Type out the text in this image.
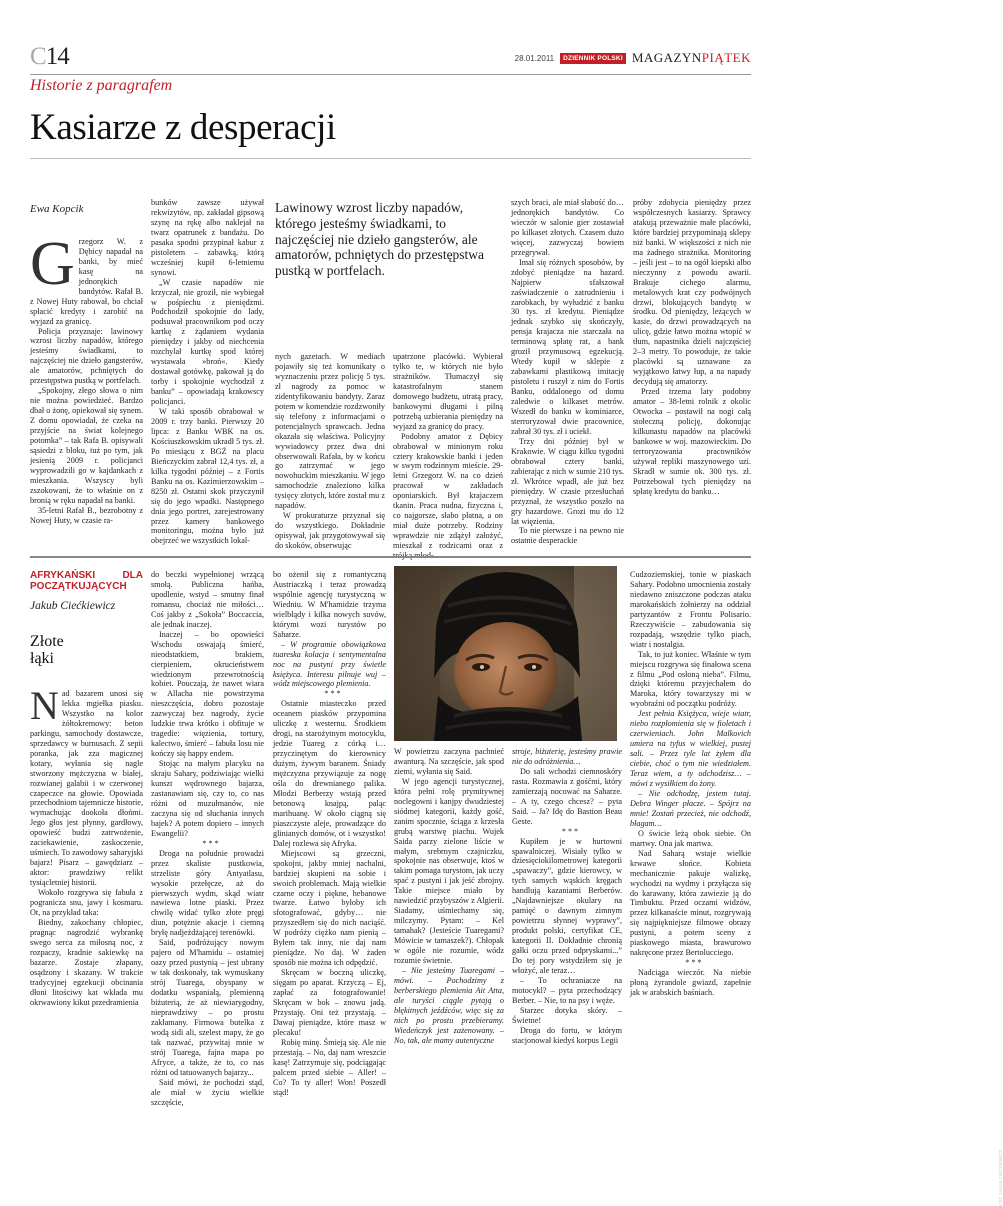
C14	28.01.2011	DZIENNIK POLSKI MAGAZYNPIĄTEK
Historie z paragrafem
Kasiarze z desperacji
Ewa Kopcik

Grzegorz W. z Dębicy napadał na banki, by mieć kasę na jednorękich bandytów. Rafał B. z Nowej Huty rabował, bo chciał spłacić kredyty i zarobić na wyjazd za granicę.

Policja przyznaje: lawinowy wzrost liczby napadów, którego jesteśmy świadkami, to najczęściej nie dzieło gangsterów, ale amatorów, pchniętych do przestępstwa pustką w portfelach.

„Spokojny, złego słowa o nim nie można powiedzieć. Bardzo dbał o żonę, opiekował się synem. Z domu opowiadał, że czeka na przyjście na świat kolejnego potomka” – tak Rafa B. opisywali sąsiedzi z bloku, tuż po tym, jak jesienią 2009 r. policjanci wyprowadzili go w kajdankach z mieszkania. Wszyscy byli zszokowani, że to właśnie on z bronią w ręku napadał na banki.

35-letni Rafał B., bezrobotny z Nowej Huty, w czasie ra-

bunków zawsze używał rekwizytów, np. zakładał gipsową szynę na rękę albo naklejał na twarz opatrunek z bandażu. Do pasaka spodni przypinał kabur z pistoletem – zabawką, którą wcześniej kupił 6-letniemu synowi.

„W czasie napadów nie krzyczał, nie groził, nie wybiegał w pośpiechu z pieniędzmi. Podchodził spokojnie do lady, podsuwał pracownikom pod oczy kartkę z żądaniem wydania pieniędzy i jakby od niechcenia rozchylał kurtkę spod której wystawała »broń«. Kiedy dostawał gotówkę, pakował ją do torby i spokojnie wychodził z banku” – opowiadają krakowscy policjanci.

W taki sposób obrabował w 2009 r. trzy banki. Pierwszy 20 lipca: z Banku WBK na os. Kościuszkowskim ukradł 5 tys. zł. Po miesiącu z BGŻ na placu Bieńczyckim zabrał 12,4 tys. zł, a kilka tygodni później – z Fortis Banku na os. Kazimierzowskim – 8250 zł. Ostatni skok przyczynił się do jego wpadki. Następnego dnia jego portret, zarejestrowany przez kamery bankowego monitoringu, można było już obejrzeć we wszystkich lokal-

Lawinowy wzrost liczby napadów, którego jesteśmy świadkami, to najczęściej nie dzieło gangsterów, ale amatorów, pchniętych do przestępstwa pustką w portfelach.

nych gazetach. W mediach pojawiły się też komunikaty o wyznaczeniu przez policję 5 tys. zł nagrody za pomoc w zidentyfikowaniu bandyty. Zaraz potem w komendzie rozdzwoniły się telefony z informacjami o potencjalnych sprawcach. Jedna okazała się właściwa. Policyjny wywiadowcy przez dwa dni obserwowali Rafała, by w końcu go zatrzymać w jego nowohuckim mieszkaniu. W jego samochodzie znaleziono kilka tysięcy złotych, które został mu z napadów.

W prokuraturze przyznał się do wszystkiego. Dokładnie opisywał, jak przygotowywał się do skoków, obserwując

upatrzone placówki. Wybierał tylko te, w których nie było strażników. Tłumaczył się katastrofalnym stanem domowego budżetu, utratą pracy, bankowymi długami i pilną potrzebą uzbierania pieniędzy na wyjazd za granicę do pracy.

Podobny amator z Dębicy obrabował w minionym roku cztery krakowskie banki i jeden w swym rodzinnym mieście. 29-letni Grzegorz W. na co dzień pracował w zakładach oponiarskich. Był krajaczem tkanin. Praca nudna, fizyczna i, co najgorsze, słabo płatna, a on miał duże potrzeby. Rodziny wprawdzie nie zdążył założyć, mieszkał z rodzicami oraz z trójką młod-

szych braci, ale miał słabość do… jednorękich bandytów. Co wieczór w salonie gier zostawiał po kilkaset złotych. Czasem dużo więcej, zazwyczaj bowiem przegrywał.

Imał się różnych sposobów, by zdobyć pieniądze na hazard. Najpierw sfałszował zaświadczenie o zatrudnieniu i zarobkach, by wyłudzić z banku 30 tys. zł kredytu. Pieniądze jednak szybko się skończyły, pensja krajacza nie starczała na terminową spłatę rat, a bank groził przymusową egzekucją. Wtedy kupił w sklepie z zabawkami plastikową imitację pistoletu i ruszył z nim do Fortis Banku, oddalonego od domu zaledwie o kilkaset metrów. Wszedł do banku w kominiarce, sterroryzował dwie pracownice, zabrał 30 tys. zł i uciekł.

Trzy dni później był w Krakowie. W ciągu kilku tygodni obrabował cztery banki, zabierając z nich w sumie 210 tys. zł. Wkrótce wpadł, ale już bez pieniędzy. W czasie przesłuchań przyznał, że wszystko poszło na gry hazardowe. Grozi mu do 12 lat więzienia.

To nie pierwsze i na pewno nie ostatnie desperackie

próby zdobycia pieniędzy przez współczesnych kasiarzy. Sprawcy atakują przeważnie małe placówki, które bardziej przypominają sklepy niż banki. W większości z nich nie ma żadnego strażnika. Monitoring – jeśli jest – to na ogół kiepski albo nieczynny z powodu awarii. Brakuje cichego alarmu, metalowych krat czy podwójnych drzwi, blokujących bandytę w środku. Od pieniędzy, leżących w kasie, do drzwi prowadzących na ulicę, gdzie łatwo można wtopić w tłum, napastnika dzieli najczęściej 2–3 metry. To powoduje, że takie placówki są uznawane za wyjątkowo łatwy łup, a na napady decydują się amatorzy.

Przed trzema laty podobny amator – 38-letni rolnik z okolic Otwocka – postawił na nogi całą stołeczną policję, dokonując kilkunastu napadów na placówki bankowe w woj. mazowieckim. Do terroryzowania pracowników używał repliki maszynowego uzi. Skradł w sumie ok. 300 tys. zł. Potrzebował tych pieniędzy na spłatę kredytu do banku…

AFRYKAŃSKI DLA POCZĄTKUJĄCYCH
Jakub Ciećkiewicz
Złote
łąki

Nad bazarem unosi się lekka mgiełka piasku. Wszystko na kolor żółtokremowy: beton parkingu, samochody dostawcze, sprzedawcy w burnusach. Z sepii poranka, jak zza magicznej kotary, wyłania się nagle stworzony mężczyzna w białej, rozwianej galabii i w czerwonej czapeczce na głowie. Opowiada przechodniom tajemnicze historie, wymachując dookoła dłońmi. Jego głos jest płynny, gardłowy, opowieść budzi zatrwożenie, zaciekawienie, zaskoczenie, uśmiech. To zawodowy saharyjski bajarz! Pisarz – gawędziarz – aktor: prawdziwy relikt tysiącletniej historii.

Wokoło rozgrywa się fabuła z pogranicza snu, jawy i kosmaru. Ot, na przykład taka:

Biedny, zakochany chłopiec, pragnąc nagrodzić wybrankę swego serca za miłosną noc, z rozpaczy, kradnie sakiewkę na bazarze. Zostaje złapany, osądzony i skazany. W trakcie tradycyjnej egzekucji obcinania dłoni litościwy kat wkłada mu okrwawiony kikut przedramienia

do beczki wypełnionej wrzącą smołą. Publiczna hańba, upodlenie, wstyd – smutny finał romansu, chociaż nie miłości… Coś jakby z „Sokoła” Boccaccia, ale jednak inaczej.

Inaczej – bo opowieści Wschodu oswajają śmierć, nieodstatkiem, brakiem, cierpieniem, okrucieństwem wiedzionym przewrotnością kobiet. Pouczają, że nawet wiara w Allacha nie powstrzyma nieszczęścia, dobro pozostaje zazwyczaj bez nagrody, życie ludzkie trwa krótko i obfituje w tragedie: więzienia, tortury, kalectwo, śmierć – fabuła losu nie kończy się happy endem.

Stojąc na małym placyku na skraju Sahary, podziwiając wielki kunszt wędrownego bajarza, zastanawiam się, czy to, co nas różni od muzułmanów, nie zaczyna się od słuchania innych bajek? A potem dopiero – innych Ewangelii?

***

Droga na południe prowadzi przez skaliste pustkowia, strzeliste góry Antyatlasu, wysokie przełęcze, aż do pierwszych wydm, skąd wiatr nawiewa lotne piaski. Przez chwilę widać tylko złote pręgi diun, potężnie akacje i ciemną bryłę nadjeżdżającej terenówki.

Said, podróżujący nowym pajero od M'hamidu – ostatniej oazy przed pustynią – jest ubrany w tak doskonały, tak wymuskany strój Tuarega, obyspany w dodatku wspaniałą, plemienną biżuterią, że aż niewiarygodny, nieprawdziwy – po prostu zakłamany. Firmowa butelka z wodą sidi ali, szelest mapy, że go tak nazwać, przywitaj mnie w strój Tuarega, fajna mapa po Afryce, a także, że to, co nas różni od tatuowanych bajarzy...

Said mówi, że pochodzi stąd, ale miał w życiu wielkie szczęście,

bo ożenił się z romantyczną Austriaczką i teraz prowadzą wspólnie agencję turystyczną w Wiedniu. W M'hamidzie trzyma wielbłądy i kilka nowych suvów, którymi wozi turystów po Saharze.

– W programie obowiązkowa tuareska kolacja i sentymentalna noc na pustyni przy świetle księżyca. Interesu pilnuje wuj – wódz miejscowego plemienia.

***

Ostatnie miasteczko przed oceanem piasków przypomina uliczkę z westernu. Środkiem drogi, na starożytnym motocyklu, jedzie Tuareg z córką i… przyczinętym do kierownicy dużym, żywym baranem. Śniady mężczyzna przywiązuje za nogę ośla do drewnianego palika. Młodzi Berberzy wstają przed betonową knajpą, paląc marihuanę. W około ciągną się piaszczyste aleje, prowadzące do glinianych domów, ot i wszystko! Dalej rozlewa się Afryka.

Miejscowi są grzeczni, spokojni, jakby mniej nachalni, bardziej skupieni na sobie i swoich problemach. Mają wielkie czarne oczy i piękne, hebanowe twarze. Łatwo byłoby ich sfotografować, gdyby… nie przyszedłem się do nich naciąść. W podróży ciężko nam pienią – Byłem tak inny, nie daj nam pieniądze. No daj. W żaden sposób nie można ich odpędzić.

Skręcam w boczną uliczkę, sięgam po aparat. Krzyczą – Ej, zapłać za fotografowanie! Skręcam w bok – znowu jadą. Przystaję. Oni też przystają. – Dawaj pieniądze, które masz w plecaku!

Robię minę. Śmieją się. Ale nie przestają. – No, daj nam wreszcie kasę! Zatrzymuje się, podciągając palcem przed siebie – Aller! – Co? To ty aller! Won! Poszedł stąd!

FOT. JAKUB CIEĆKIEWICZ

W powietrzu zaczyna pachnieć awanturą. Na szczęście, jak spod ziemi, wyłania się Said.

W jego agencji turystycznej, która pełni rolę prymitywnej noclegowni i kanjpy dwudziestej siódmej kategorii, każdy gość, zanim spocznie, ściąga z krzesła grubą warstwę piachu. Wujek Saida parzy zielone liście w małym, srebrnym czajniczku, spokojnie nas obserwuje, ktoś w takim pomaga turystom, jak uczy spać z pustyni i jak jeść zbrojny. Takie miejsce miało by nawiedzić przybyszów z Algierii. Siadamy, uśmiechamy się, milczymy. Pytam: – Kel tamahak? (Jesteście Tuaregami? Mówicie w tamaszek?). Chłopak w ogóle nie rozumie, wódz rozumie świetnie.

– Nie jesteśmy Tuaregami – mówi. – Pochodzimy z berberskiego plemienia Ait Atta, ale turyści ciągle pytają o błękitnych jeźdźców, więc się za nich po prostu przebieramy. Wiedeńczyk jest zażenowany. – No, tak, ale mamy autentyczne

stroje, biżuterię, jesteśmy prawie nie do odróżnienia…

Do sali wchodzi ciemnoskóry rasta. Rozmawia z gośćmi, który zamierzają nocować na Saharze. – A ty, czego chcesz? – pyta Said. – Ja? Idę do Bastion Beau Geste.

***

Kupiłem je w hurtowni spawalniczej. Wisiały tylko w dziesięciokilometrowej kategorii „spawaczy”, gdzie kierowcy, w tych samych wąskich kręgach handlują kazaniami Berberów. „Najdawniejsze okulary na pamięć o dawnym zimnym powietrzu słynnej wyprawy”, produkt polski, certyfikat CE, kategorii II. Dokładnie chronią gałki oczu przed odpryskami...” Do tej pory wstydziłem się je włożyć, ale teraz…

– To ochraniacze na motocykl? – pyta przechodzący Berber. – Nie, to na psy i węże.

Starzec dotyka skóry. – Świetne!

Droga do fortu, w którym stacjonował kiedyś korpus Legii

Cudzoziemskiej, tonie w piaskach Sahary. Podobno umocnienia zostały niedawno zniszczone podczas ataku marokańskich żołnierzy na oddział partyzantów z Frontu Polisario. Rzeczywiście – zabudowania się rozpadają, wszędzie tylko piach, wiatr i nostalgia.

Tak, to już koniec. Właśnie w tym miejscu rozgrywa się finałowa scena z filmu „Pod osłoną nieba”. Filmu, dzięki któremu przyjechałem do Maroka, który towarzyszy mi w wyobraźni od początku podróży.

Jest pełnia Księżyca, wieje wiatr, niebo rozpłomienia się w fioletach i czerwieniach. John Malkovich umiera na tyfus w wielkiej, pustej sali. – Przez tyle lat żyłem dla ciebie, choć o tym nie wiedziałem. Teraz wiem, a ty odchodzisz… – mówi z wysiłkiem do żony.

– Nie odchodzę, jestem tutaj. Debra Winger płacze. – Spójrz na mnie! Zostań przecież, nie odchodź, błagam…

O świcie leżą obok siebie. On martwy. Ona jak martwa.

Nad Saharą wstaje wielkie krwawe słońce. Kobieta mechanicznie pakuje walizkę, wychodzi na wydmy i przyłącza się do karawany, która zawiezie ją do Timbuktu. Przed oczami widzów, przez kilkanaście minut, rozgrywają się najpiękniejsze filmowe obrazy pustyni, a potem sceny z piaskowego miasta, brawurowo nakręcone przez Bertolucciego.

***

Nadciąga wieczór. Na niebie płoną żyrandole gwiazd, zapełnie jak w arabskich baśniach.
